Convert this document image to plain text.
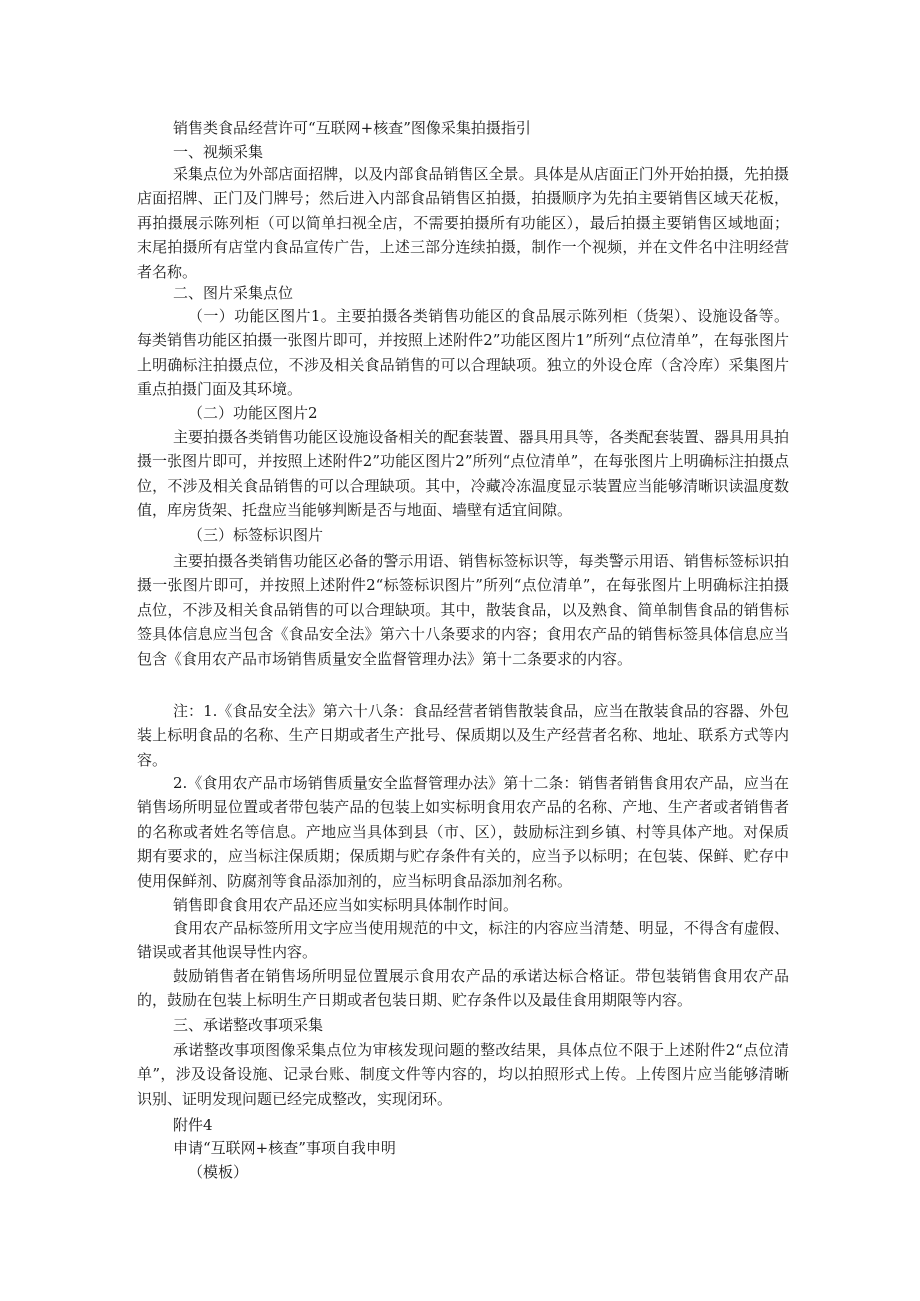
销售类食品经营许可“互联网+核查”图像采集拍摄指引

一、视频采集

采集点位为外部店面招牌，以及内部食品销售区全景。具体是从店面正门外开始拍摄，先拍摄店面招牌、正门及门牌号；然后进入内部食品销售区拍摄，拍摄顺序为先拍主要销售区域天花板，再拍摄展示陈列柜（可以简单扫视全店，不需要拍摄所有功能区），最后拍摄主要销售区域地面；末尾拍摄所有店堂内食品宣传广告，上述三部分连续拍摄，制作一个视频，并在文件名中注明经营者名称。

二、图片采集点位

（一）功能区图片1。主要拍摄各类销售功能区的食品展示陈列柜（货架）、设施设备等。每类销售功能区拍摄一张图片即可，并按照上述附件2”功能区图片1”所列“点位清单”，在每张图片上明确标注拍摄点位，不涉及相关食品销售的可以合理缺项。独立的外设仓库（含冷库）采集图片重点拍摄门面及其环境。

（二）功能区图片2

主要拍摄各类销售功能区设施设备相关的配套装置、器具用具等，各类配套装置、器具用具拍摄一张图片即可，并按照上述附件2”功能区图片2”所列“点位清单”，在每张图片上明确标注拍摄点位，不涉及相关食品销售的可以合理缺项。其中，冷藏冷冻温度显示装置应当能够清晰识读温度数值，库房货架、托盘应当能够判断是否与地面、墙壁有适宜间隙。

（三）标签标识图片

主要拍摄各类销售功能区必备的警示用语、销售标签标识等，每类警示用语、销售标签标识拍摄一张图片即可，并按照上述附件2“标签标识图片”所列“点位清单”，在每张图片上明确标注拍摄点位，不涉及相关食品销售的可以合理缺项。其中，散装食品，以及熟食、简单制售食品的销售标签具体信息应当包含《食品安全法》第六十八条要求的内容；食用农产品的销售标签具体信息应当包含《食用农产品市场销售质量安全监督管理办法》第十二条要求的内容。

注：1.《食品安全法》第六十八条：食品经营者销售散装食品，应当在散装食品的容器、外包装上标明食品的名称、生产日期或者生产批号、保质期以及生产经营者名称、地址、联系方式等内容。

2.《食用农产品市场销售质量安全监督管理办法》第十二条：销售者销售食用农产品，应当在销售场所明显位置或者带包装产品的包装上如实标明食用农产品的名称、产地、生产者或者销售者的名称或者姓名等信息。产地应当具体到县（市、区），鼓励标注到乡镇、村等具体产地。对保质期有要求的，应当标注保质期；保质期与贮存条件有关的，应当予以标明；在包装、保鲜、贮存中使用保鲜剂、防腐剂等食品添加剂的，应当标明食品添加剂名称。

销售即食食用农产品还应当如实标明具体制作时间。

食用农产品标签所用文字应当使用规范的中文，标注的内容应当清楚、明显，不得含有虚假、错误或者其他误导性内容。

鼓励销售者在销售场所明显位置展示食用农产品的承诺达标合格证。带包装销售食用农产品的，鼓励在包装上标明生产日期或者包装日期、贮存条件以及最佳食用期限等内容。

三、承诺整改事项采集

承诺整改事项图像采集点位为审核发现问题的整改结果，具体点位不限于上述附件2“点位清单”，涉及设备设施、记录台账、制度文件等内容的，均以拍照形式上传。上传图片应当能够清晰识别、证明发现问题已经完成整改，实现闭环。

附件4

申请“互联网+核查”事项自我申明

（模板）
